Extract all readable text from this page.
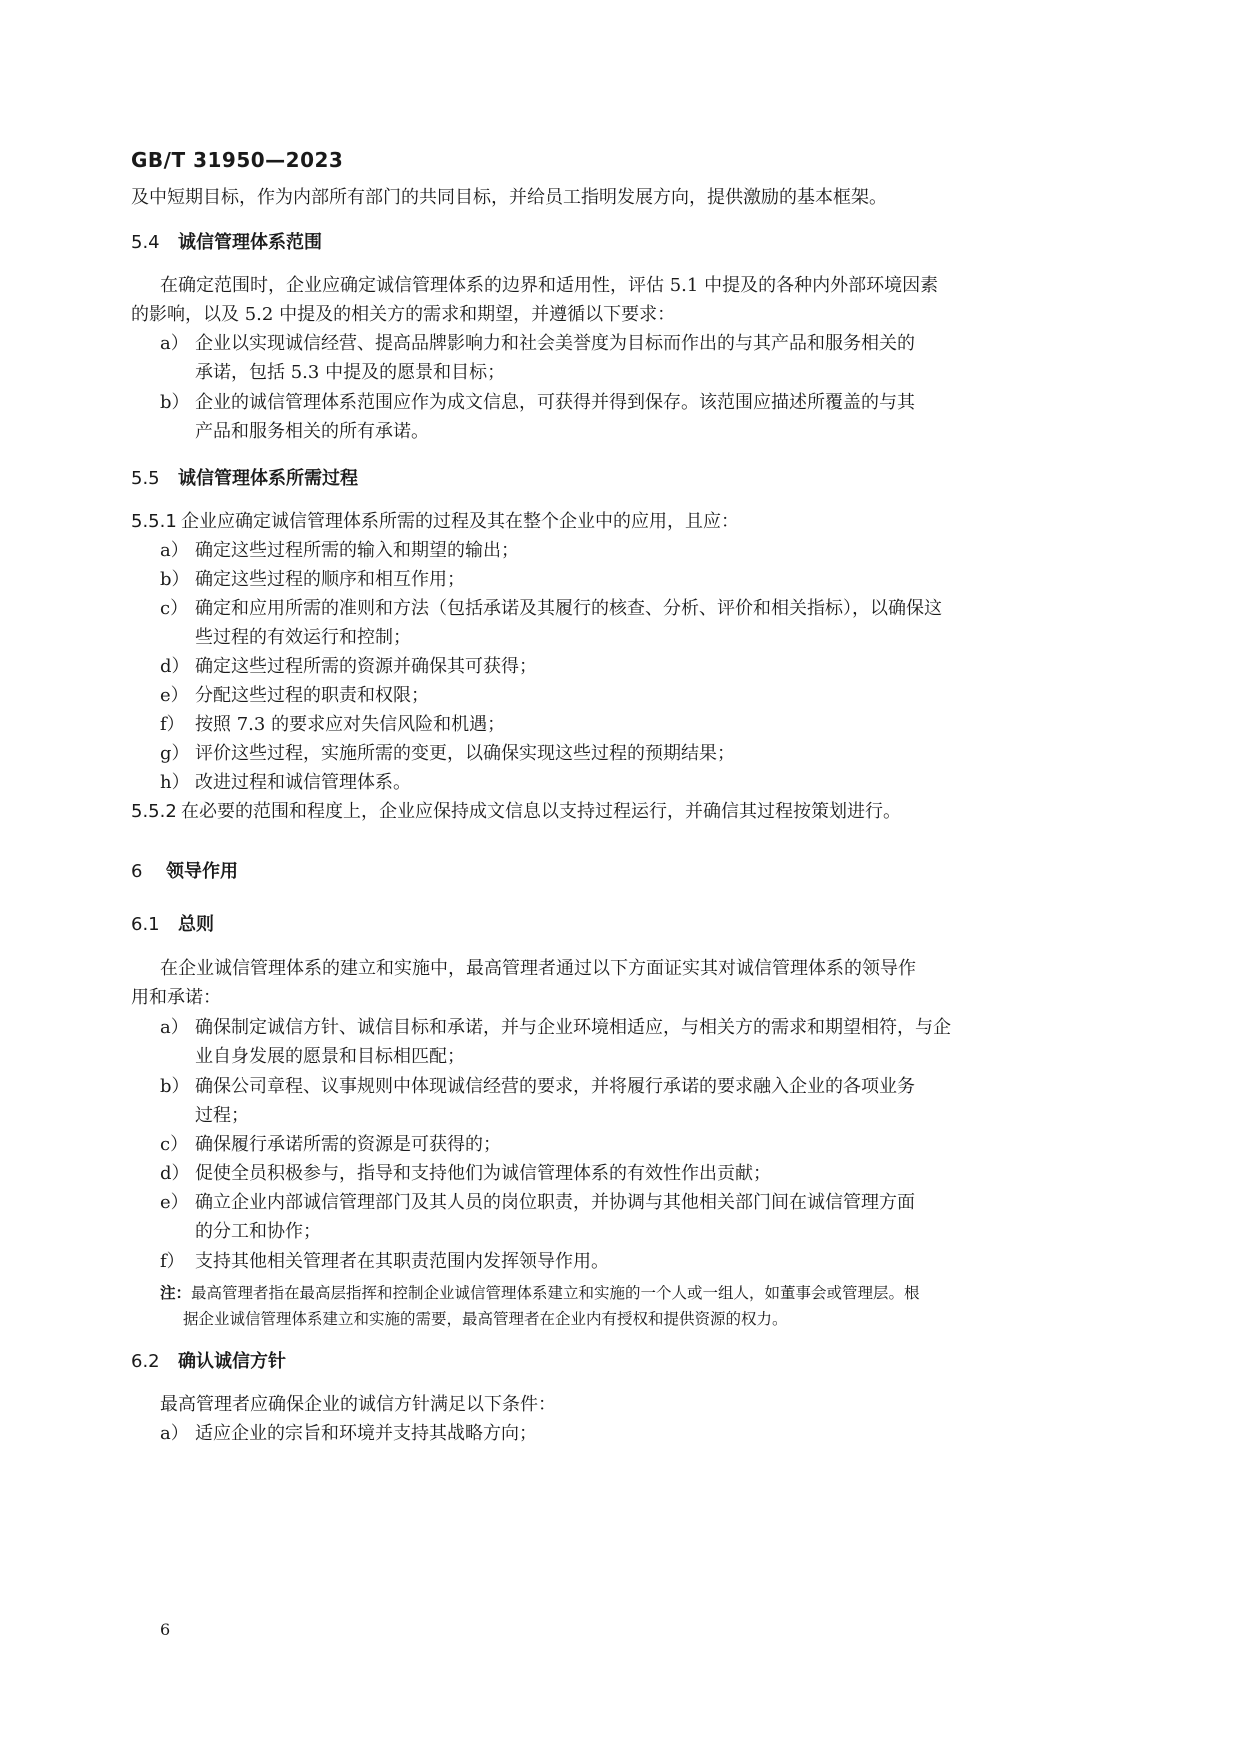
GB/T 31950—2023
及中短期目标，作为内部所有部门的共同目标，并给员工指明发展方向，提供激励的基本框架。
5.4 诚信管理体系范围
在确定范围时，企业应确定诚信管理体系的边界和适用性，评估 5.1 中提及的各种内外部环境因素
的影响，以及 5.2 中提及的相关方的需求和期望，并遵循以下要求：
a） 企业以实现诚信经营、提高品牌影响力和社会美誉度为目标而作出的与其产品和服务相关的
承诺，包括 5.3 中提及的愿景和目标；
b） 企业的诚信管理体系范围应作为成文信息，可获得并得到保存。该范围应描述所覆盖的与其
产品和服务相关的所有承诺。
5.5 诚信管理体系所需过程
5.5.1 企业应确定诚信管理体系所需的过程及其在整个企业中的应用，且应：
a） 确定这些过程所需的输入和期望的输出；
b） 确定这些过程的顺序和相互作用；
c） 确定和应用所需的准则和方法（包括承诺及其履行的核查、分析、评价和相关指标），以确保这
些过程的有效运行和控制；
d） 确定这些过程所需的资源并确保其可获得；
e） 分配这些过程的职责和权限；
f） 按照 7.3 的要求应对失信风险和机遇；
g） 评价这些过程，实施所需的变更，以确保实现这些过程的预期结果；
h） 改进过程和诚信管理体系。
5.5.2 在必要的范围和程度上，企业应保持成文信息以支持过程运行，并确信其过程按策划进行。
6 领导作用
6.1 总则
在企业诚信管理体系的建立和实施中，最高管理者通过以下方面证实其对诚信管理体系的领导作
用和承诺：
a） 确保制定诚信方针、诚信目标和承诺，并与企业环境相适应，与相关方的需求和期望相符，与企
业自身发展的愿景和目标相匹配；
b） 确保公司章程、议事规则中体现诚信经营的要求，并将履行承诺的要求融入企业的各项业务
过程；
c） 确保履行承诺所需的资源是可获得的；
d） 促使全员积极参与，指导和支持他们为诚信管理体系的有效性作出贡献；
e） 确立企业内部诚信管理部门及其人员的岗位职责，并协调与其他相关部门间在诚信管理方面
的分工和协作；
f） 支持其他相关管理者在其职责范围内发挥领导作用。
注：最高管理者指在最高层指挥和控制企业诚信管理体系建立和实施的一个人或一组人，如董事会或管理层。根
据企业诚信管理体系建立和实施的需要，最高管理者在企业内有授权和提供资源的权力。
6.2 确认诚信方针
最高管理者应确保企业的诚信方针满足以下条件：
a） 适应企业的宗旨和环境并支持其战略方向；
6
